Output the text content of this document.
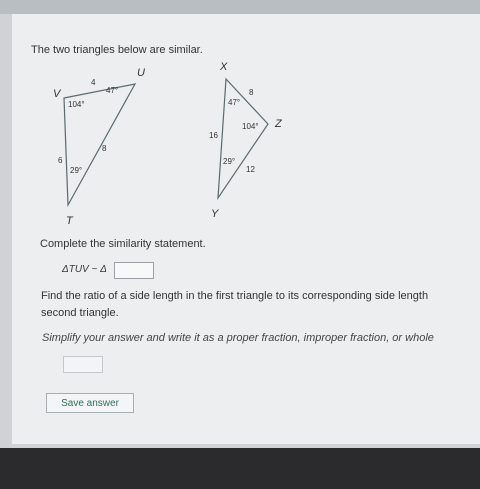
The two triangles below are similar.
V
U
T
4
8
6
104°
47°
29°
X
Z
Y
8
16
12
47°
104°
29°
Complete the similarity statement.
ΔTUV ~ Δ
Find the ratio of a side length in the first triangle to its corresponding side length
second triangle.
Simplify your answer and write it as a proper fraction, improper fraction, or whole
Save answer
